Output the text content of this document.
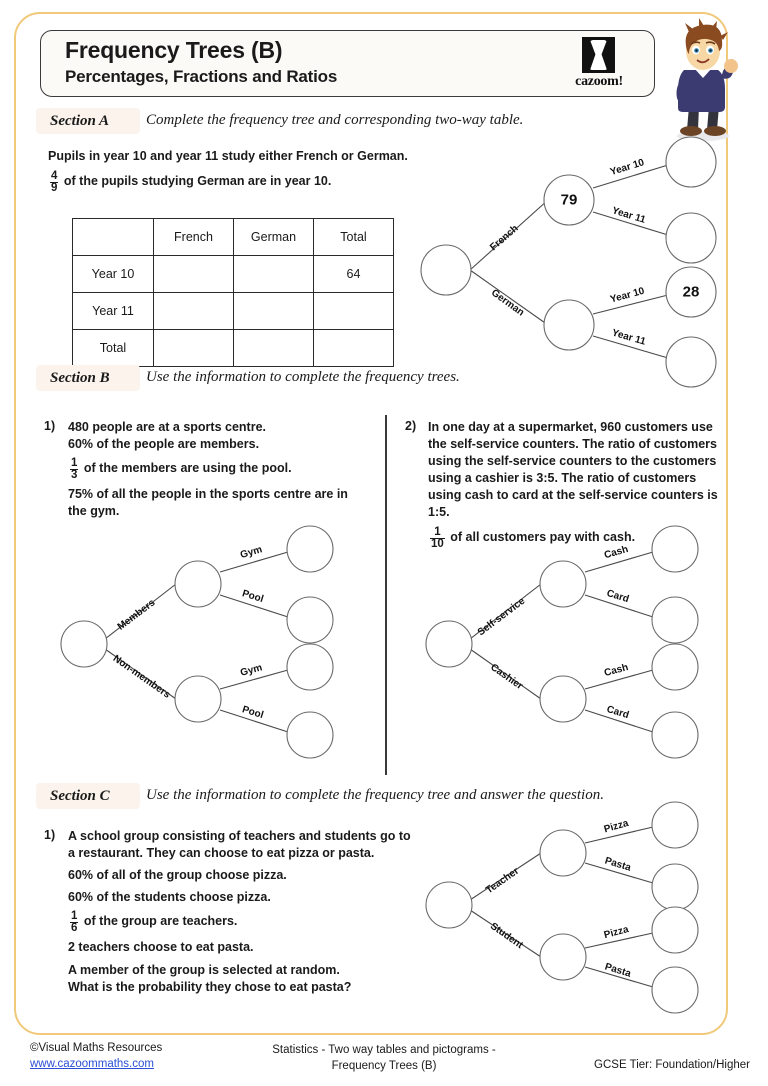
Frequency Trees (B)
Percentages, Fractions and Ratios	cazoom!
Section A Complete the frequency tree and corresponding two-way table.
Pupils in year 10 and year 11 study either French or German.
$\frac{4}{9}$ of the pupils studying German are in year 10.
	French	German	Total
Year 10			64
Year 11			
Total			
79
28
French
German
Year 10
Year 11
Year 10
Year 11
Section B Use the information to complete the frequency trees.
1) 480 people are at a sports centre.
60% of the people are members.
$\frac{1}{3}$ of the members are using the pool.
75% of all the people in the sports centre are in the gym.
Members
Non-members
Gym
Pool
Gym
Pool
2) In one day at a supermarket, 960 customers use the self-service counters. The ratio of customers using the self-service counters to the customers using a cashier is 3:5. The ratio of customers using cash to card at the self-service counters is 1:5.
$\frac{1}{10}$ of all customers pay with cash.
Self-service
Cashier
Cash
Card
Cash
Card
Section C Use the information to complete the frequency tree and answer the question.
1) A school group consisting of teachers and students go to a restaurant. They can choose to eat pizza or pasta.
60% of all of the group choose pizza.
60% of the students choose pizza.
$\frac{1}{6}$ of the group are teachers.
2 teachers choose to eat pasta.
A member of the group is selected at random.
What is the probability they chose to eat pasta?
Teacher
Student
Pizza
Pasta
Pizza
Pasta
©Visual Maths Resources
www.cazoommaths.com
Statistics - Two way tables and pictograms -
Frequency Trees (B)	GCSE Tier: Foundation/Higher
